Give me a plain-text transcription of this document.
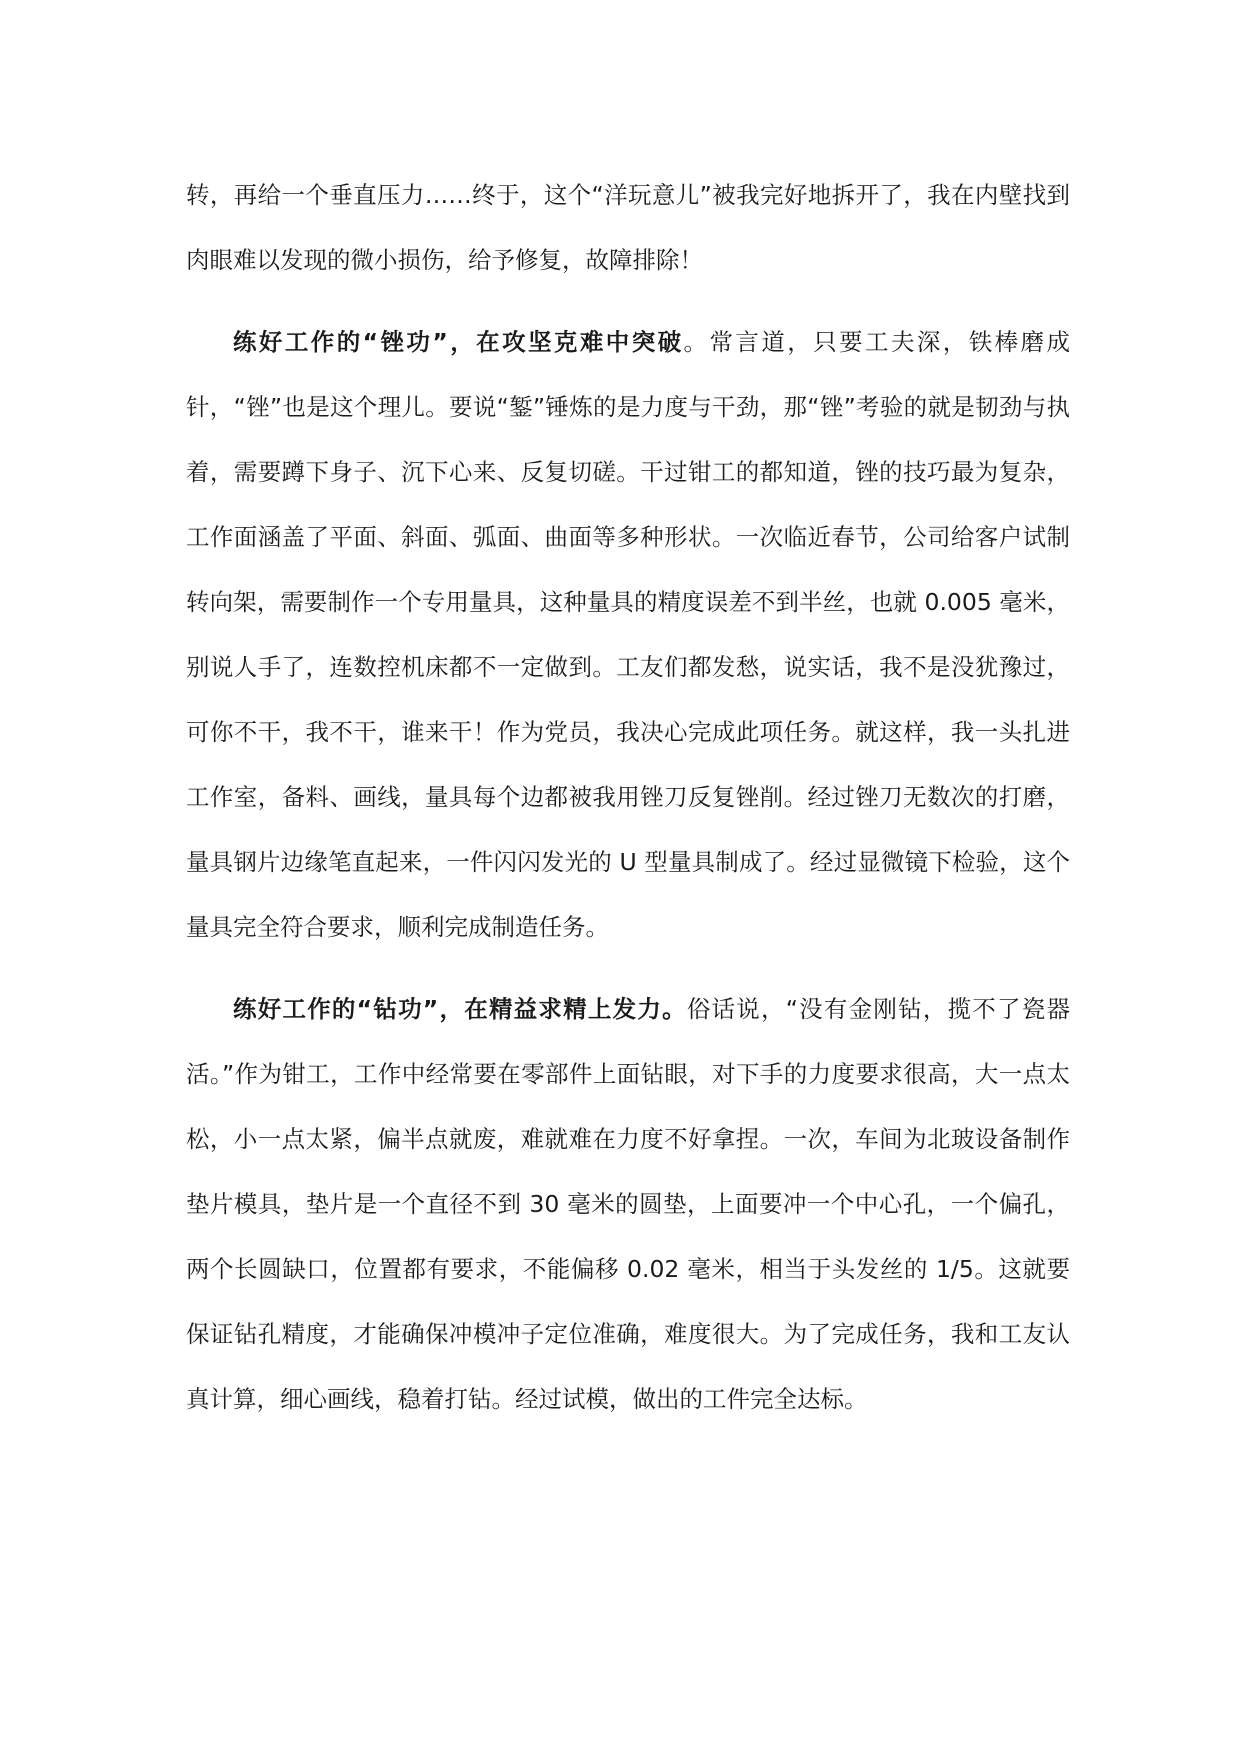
转，再给一个垂直压力……终于，这个“洋玩意儿”被我完好地拆开了，我在内壁找到肉眼难以发现的微小损伤，给予修复，故障排除！

练好工作的“锉功”，在攻坚克难中突破。常言道，只要工夫深，铁棒磨成针，“锉”也是这个理儿。要说“錾”锤炼的是力度与干劲，那“锉”考验的就是韧劲与执着，需要蹲下身子、沉下心来、反复切磋。干过钳工的都知道，锉的技巧最为复杂，工作面涵盖了平面、斜面、弧面、曲面等多种形状。一次临近春节，公司给客户试制转向架，需要制作一个专用量具，这种量具的精度误差不到半丝，也就 0.005 毫米，别说人手了，连数控机床都不一定做到。工友们都发愁，说实话，我不是没犹豫过，可你不干，我不干，谁来干！作为党员，我决心完成此项任务。就这样，我一头扎进工作室，备料、画线，量具每个边都被我用锉刀反复锉削。经过锉刀无数次的打磨，量具钢片边缘笔直起来，一件闪闪发光的 U 型量具制成了。经过显微镜下检验，这个量具完全符合要求，顺利完成制造任务。

练好工作的“钻功”，在精益求精上发力。俗话说，“没有金刚钻，揽不了瓷器活。”作为钳工，工作中经常要在零部件上面钻眼，对下手的力度要求很高，大一点太松，小一点太紧，偏半点就废，难就难在力度不好拿捏。一次，车间为北玻设备制作垫片模具，垫片是一个直径不到 30 毫米的圆垫，上面要冲一个中心孔，一个偏孔，两个长圆缺口，位置都有要求，不能偏移 0.02 毫米，相当于头发丝的 1/5。这就要保证钻孔精度，才能确保冲模冲子定位准确，难度很大。为了完成任务，我和工友认真计算，细心画线，稳着打钻。经过试模，做出的工件完全达标。
